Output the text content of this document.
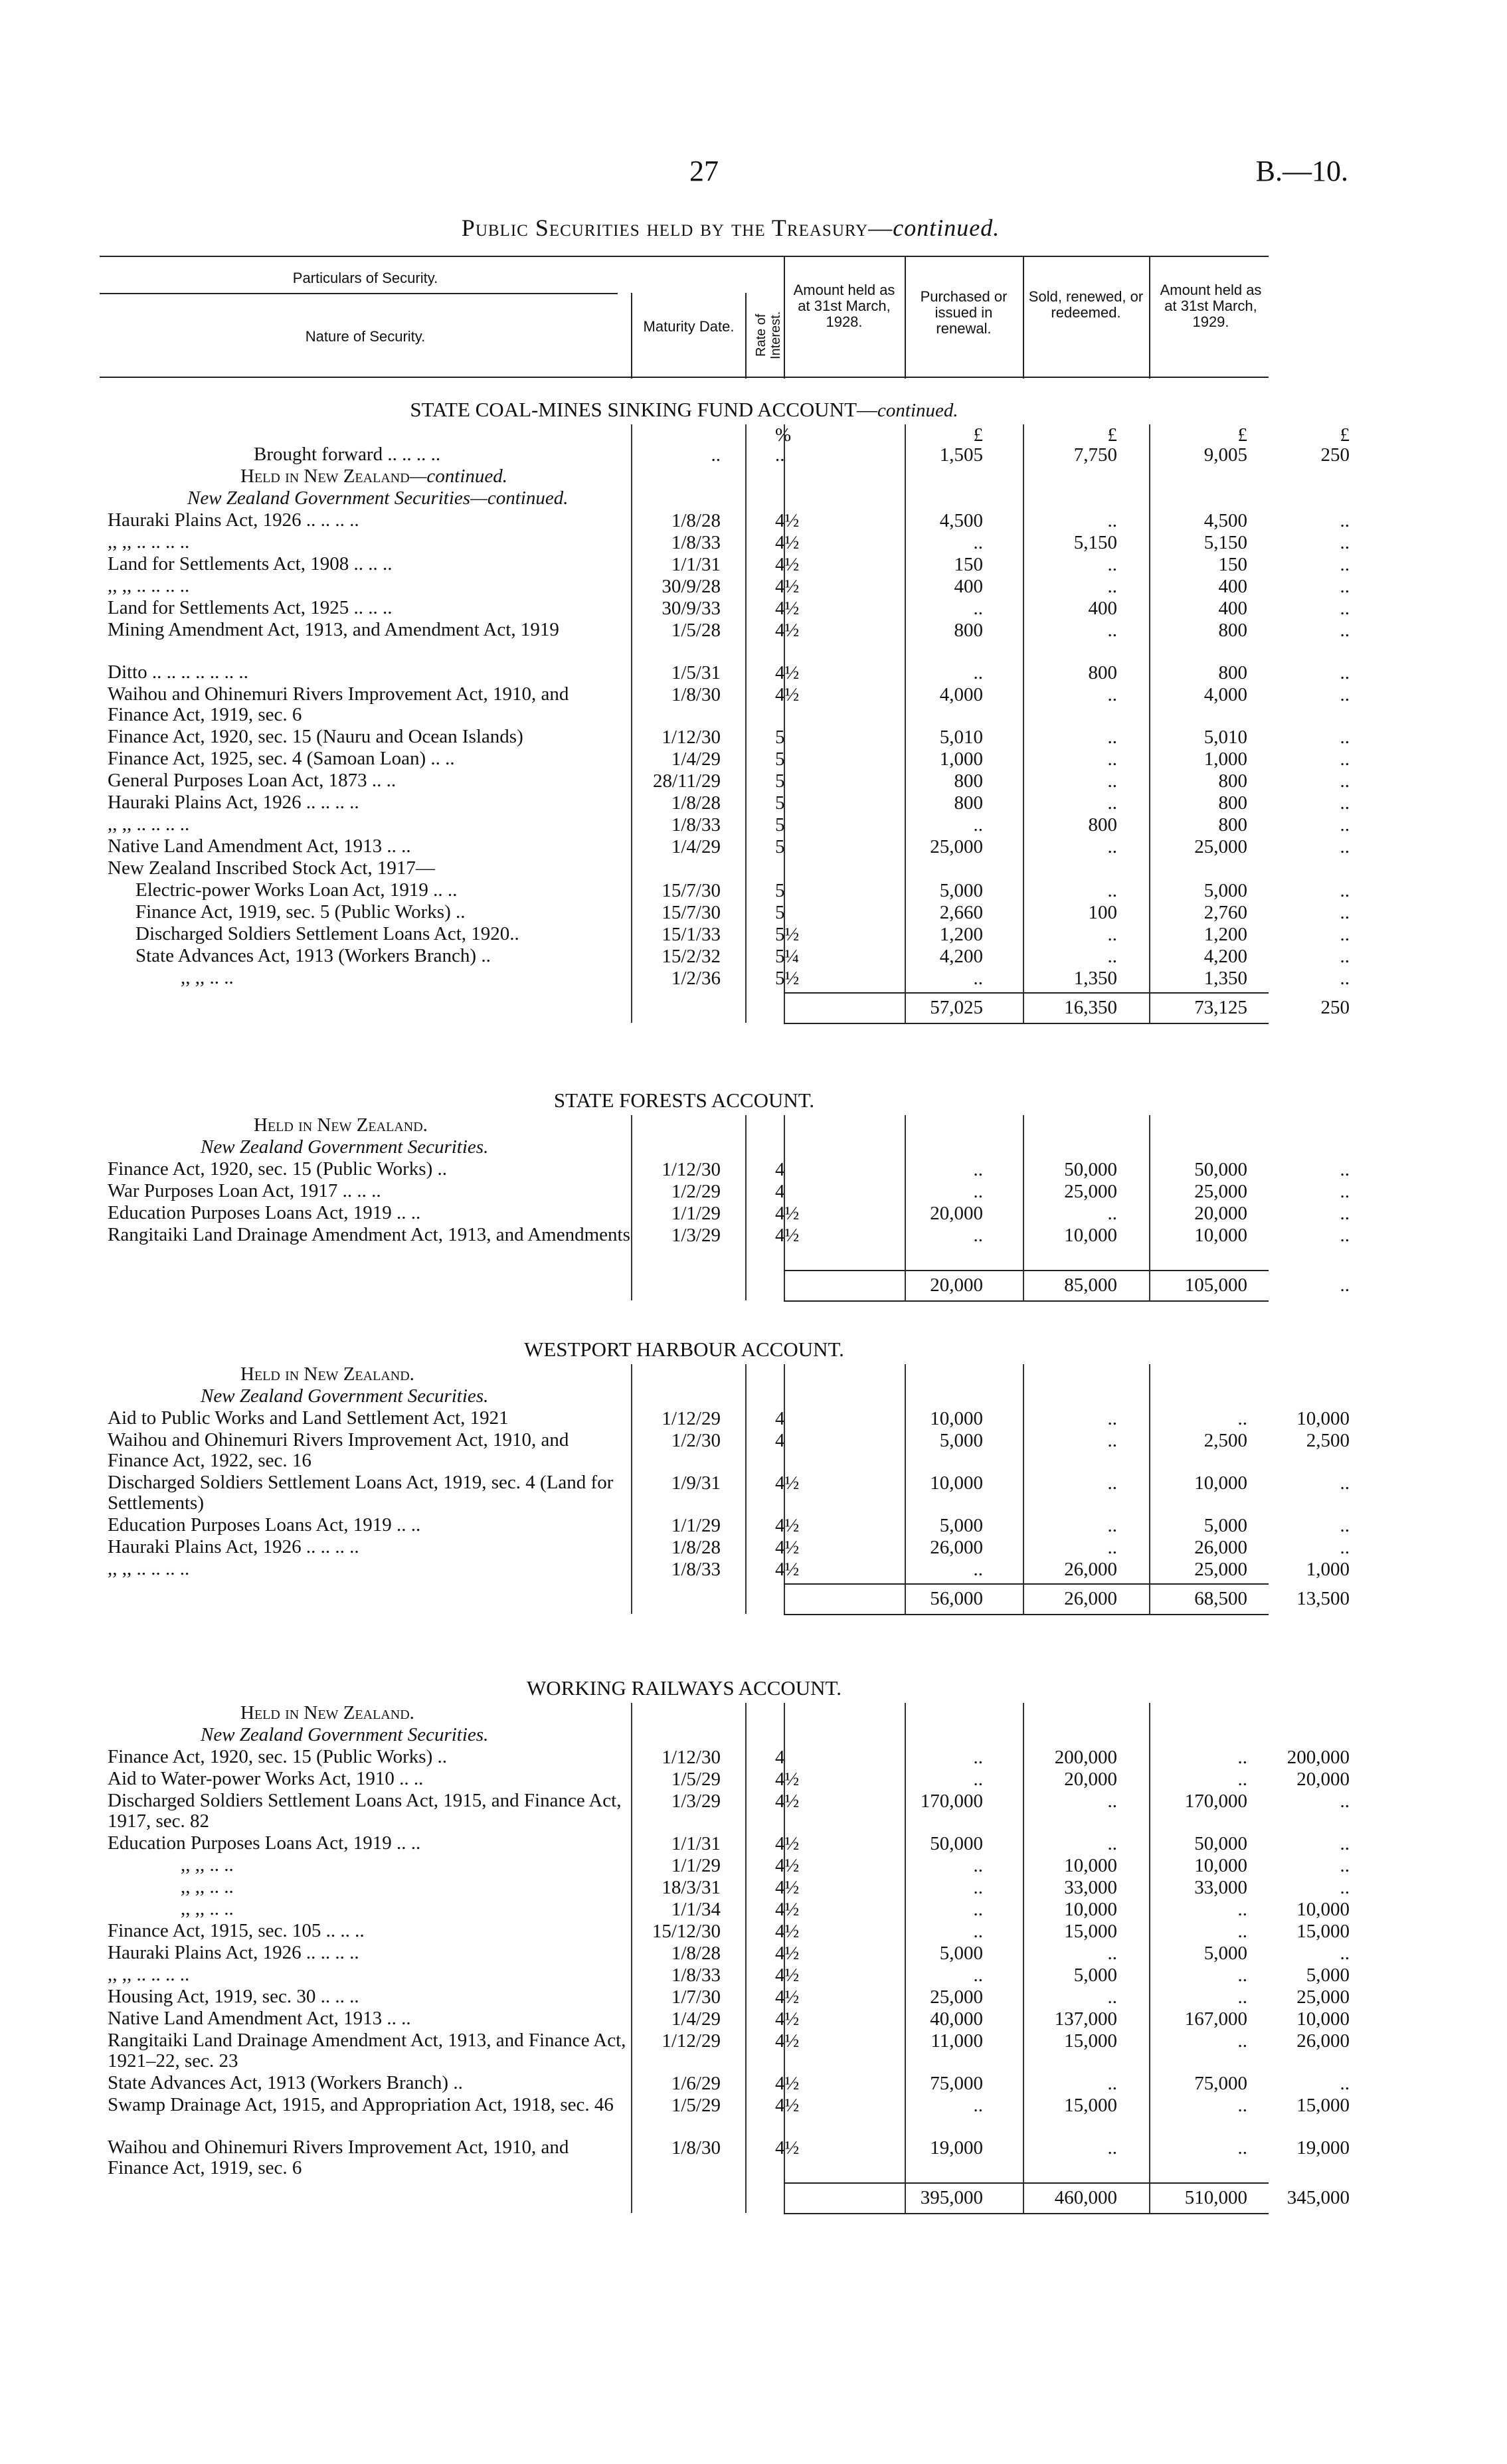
27	B.—10.
Public Securities held by the Treasury—continued.
Particulars of Security.
Nature of Security.
Maturity Date.	Rate of Interest.
Amount held as at 31st March, 1928.
Purchased or issued in renewal.
Sold, renewed, or redeemed.
Amount held as at 31st March, 1929.
STATE COAL-MINES SINKING FUND ACCOUNT—continued.
%	£	£	£	£
Brought forward .. .. .. ..	..	..	1,505	7,750	9,005	250
Held in New Zealand—continued.
New Zealand Government Securities—continued.
Hauraki Plains Act, 1926 .. .. .. ..	1/8/28	4½	4,500	..	4,500	..
,, ,, .. .. .. ..	1/8/33	4½	..	5,150	5,150	..
Land for Settlements Act, 1908 .. .. ..	1/1/31	4½	150	..	150	..
,, ,, .. .. .. ..	30/9/28	4½	400	..	400	..
Land for Settlements Act, 1925 .. .. ..	30/9/33	4½	..	400	400	..
Mining Amendment Act, 1913, and Amendment Act, 1919	1/5/28	4½	800	..	800	..
Ditto .. .. .. .. .. .. ..	1/5/31	4½	..	800	800	..
Waihou and Ohinemuri Rivers Improvement Act, 1910, and Finance Act, 1919, sec. 6
1/8/30	4½	4,000	..	4,000	..
Finance Act, 1920, sec. 15 (Nauru and Ocean Islands)	1/12/30	5	5,010	..	5,010	..
Finance Act, 1925, sec. 4 (Samoan Loan) .. ..	1/4/29	5	1,000	..	1,000	..
General Purposes Loan Act, 1873 .. ..	28/11/29	5	800	..	800	..
Hauraki Plains Act, 1926 .. .. .. ..	1/8/28	5	800	..	800	..
,, ,, .. .. .. ..	1/8/33	5	..	800	800	..
Native Land Amendment Act, 1913 .. ..	1/4/29	5	25,000	..	25,000	..
New Zealand Inscribed Stock Act, 1917—
Electric-power Works Loan Act, 1919 .. ..	15/7/30	5	5,000	..	5,000	..
Finance Act, 1919, sec. 5 (Public Works) ..	15/7/30	5	2,660	100	2,760	..
Discharged Soldiers Settlement Loans Act, 1920..	15/1/33	5½	1,200	..	1,200	..
State Advances Act, 1913 (Workers Branch) ..	15/2/32	5¼	4,200	..	4,200	..
,, ,, .. ..	1/2/36	5½	..	1,350	1,350	..
57,025	16,350	73,125	250
STATE FORESTS ACCOUNT.
Held in New Zealand.
New Zealand Government Securities.
Finance Act, 1920, sec. 15 (Public Works) ..	1/12/30	4	..	50,000	50,000	..
War Purposes Loan Act, 1917 .. .. ..	1/2/29	4	..	25,000	25,000	..
Education Purposes Loans Act, 1919 .. ..	1/1/29	4½	20,000	..	20,000	..
Rangitaiki Land Drainage Amendment Act, 1913, and Amendments	1/3/29	4½	..	10,000	10,000	..
20,000	85,000	105,000	..
WESTPORT HARBOUR ACCOUNT.
Held in New Zealand.
New Zealand Government Securities.
Aid to Public Works and Land Settlement Act, 1921	1/12/29	4	10,000	..	..	10,000
Waihou and Ohinemuri Rivers Improvement Act, 1910, and Finance Act, 1922, sec. 16
1/2/30	4	5,000	..	2,500	2,500
Discharged Soldiers Settlement Loans Act, 1919, sec. 4 (Land for Settlements)
1/9/31	4½	10,000	..	10,000	..
Education Purposes Loans Act, 1919 .. ..	1/1/29	4½	5,000	..	5,000	..
Hauraki Plains Act, 1926 .. .. .. ..	1/8/28	4½	26,000	..	26,000	..
,, ,, .. .. .. ..	1/8/33	4½	..	26,000	25,000	1,000
56,000	26,000	68,500	13,500
WORKING RAILWAYS ACCOUNT.
Held in New Zealand.
New Zealand Government Securities.
Finance Act, 1920, sec. 15 (Public Works) ..	1/12/30	4	..	200,000	..	200,000
Aid to Water-power Works Act, 1910 .. ..	1/5/29	4½	..	20,000	..	20,000
Discharged Soldiers Settlement Loans Act, 1915, and Finance Act, 1917, sec. 82
1/3/29	4½	170,000	..	170,000	..
Education Purposes Loans Act, 1919 .. ..	1/1/31	4½	50,000	..	50,000	..
,, ,, .. ..	1/1/29	4½	..	10,000	10,000	..
,, ,, .. ..	18/3/31	4½	..	33,000	33,000	..
,, ,, .. ..	1/1/34	4½	..	10,000	..	10,000
Finance Act, 1915, sec. 105 .. .. ..	15/12/30	4½	..	15,000	..	15,000
Hauraki Plains Act, 1926 .. .. .. ..	1/8/28	4½	5,000	..	5,000	..
,, ,, .. .. .. ..	1/8/33	4½	..	5,000	..	5,000
Housing Act, 1919, sec. 30 .. .. ..	1/7/30	4½	25,000	..	..	25,000
Native Land Amendment Act, 1913 .. ..	1/4/29	4½	40,000	137,000	167,000	10,000
Rangitaiki Land Drainage Amendment Act, 1913, and Finance Act, 1921–22, sec. 23
1/12/29	4½	11,000	15,000	..	26,000
State Advances Act, 1913 (Workers Branch) ..	1/6/29	4½	75,000	..	75,000	..
Swamp Drainage Act, 1915, and Appropriation Act, 1918, sec. 46	1/5/29	4½	..	15,000	..	15,000
Waihou and Ohinemuri Rivers Improvement Act, 1910, and Finance Act, 1919, sec. 6
1/8/30	4½	19,000	..	..	19,000
395,000	460,000	510,000	345,000
